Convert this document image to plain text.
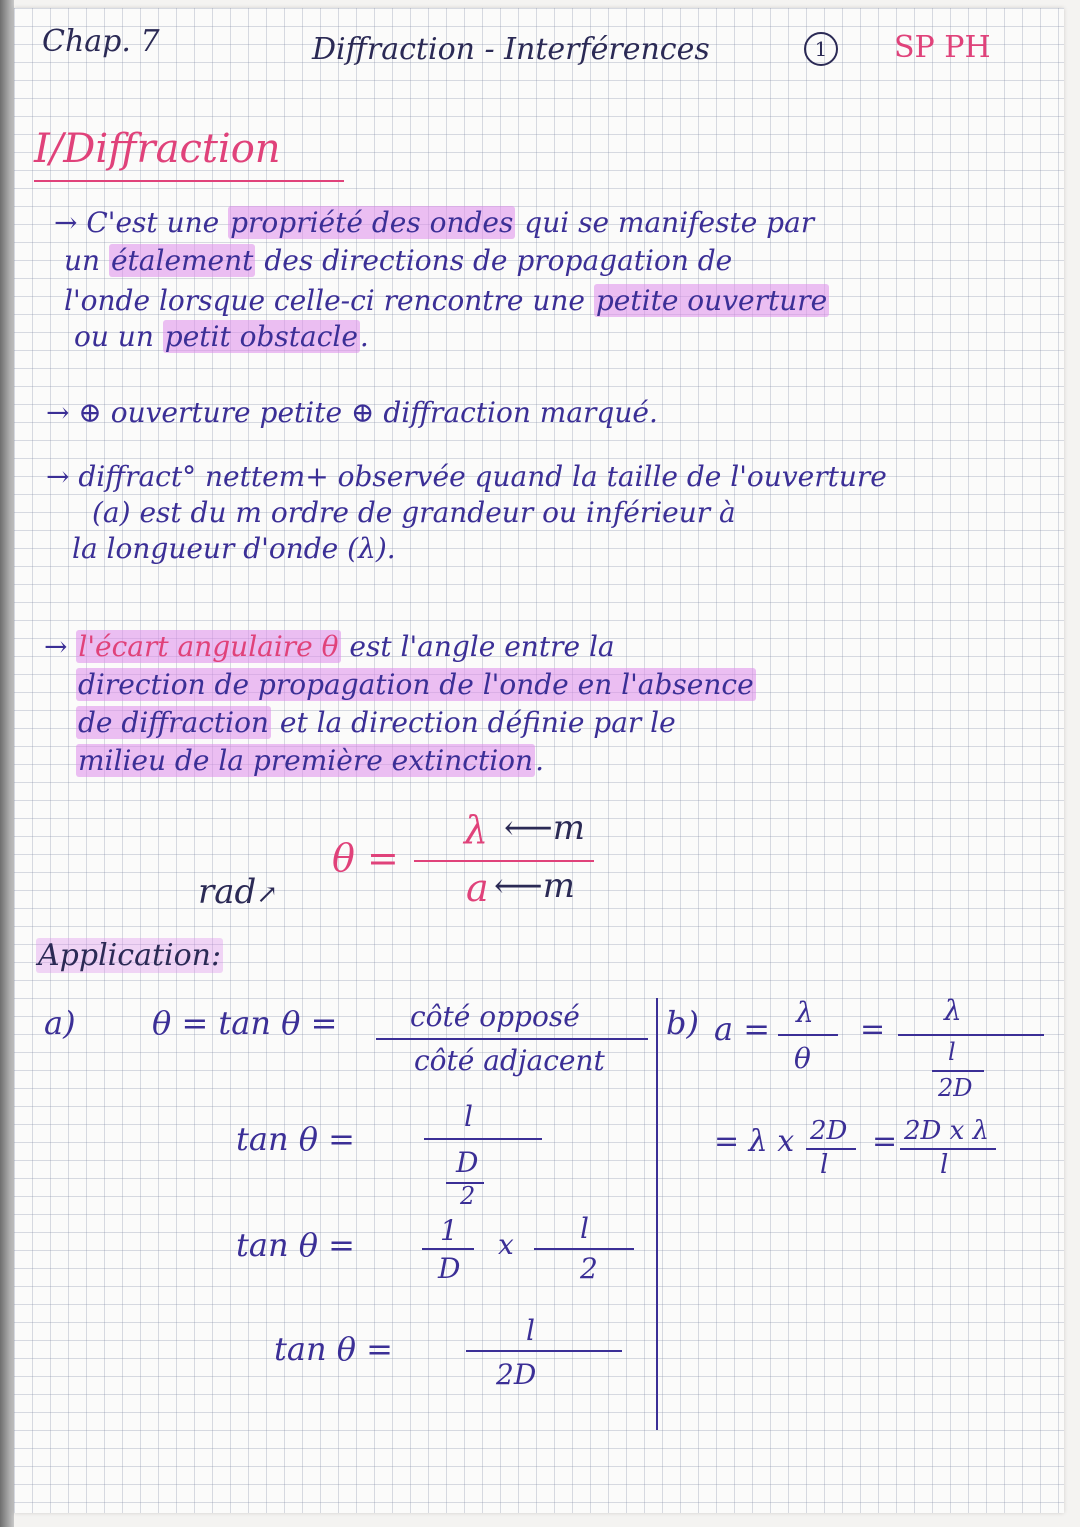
Chap. 7	Diffraction - Interférences	1	SP PH
I/Diffraction
→ C'est une propriété des ondes qui se manifeste par
un étalement des directions de propagation de
l'onde lorsque celle-ci rencontre une petite ouverture
ou un petit obstacle.
→ ⊕ ouverture petite ⊕ diffraction marqué.
→ diffract° nettem+ observée quand la taille de l'ouverture
(a) est du m ordre de grandeur ou inférieur à
la longueur d'onde (λ).
→ l'écart angulaire θ est l'angle entre la
direction de propagation de l'onde en l'absence
de diffraction et la direction définie par le
milieu de la première extinction.
θ =
λ
a
⟵m
⟵m
rad↗
Application:
a) θ = tan θ =	côté opposé
côté adjacent
tan θ =
l
D
2
tan θ =	1
D
x l
2
tan θ =	l
2D
b) a = λ
θ
=
λ
l
2D
= λ x 2D
l
= 2D x λ
l
